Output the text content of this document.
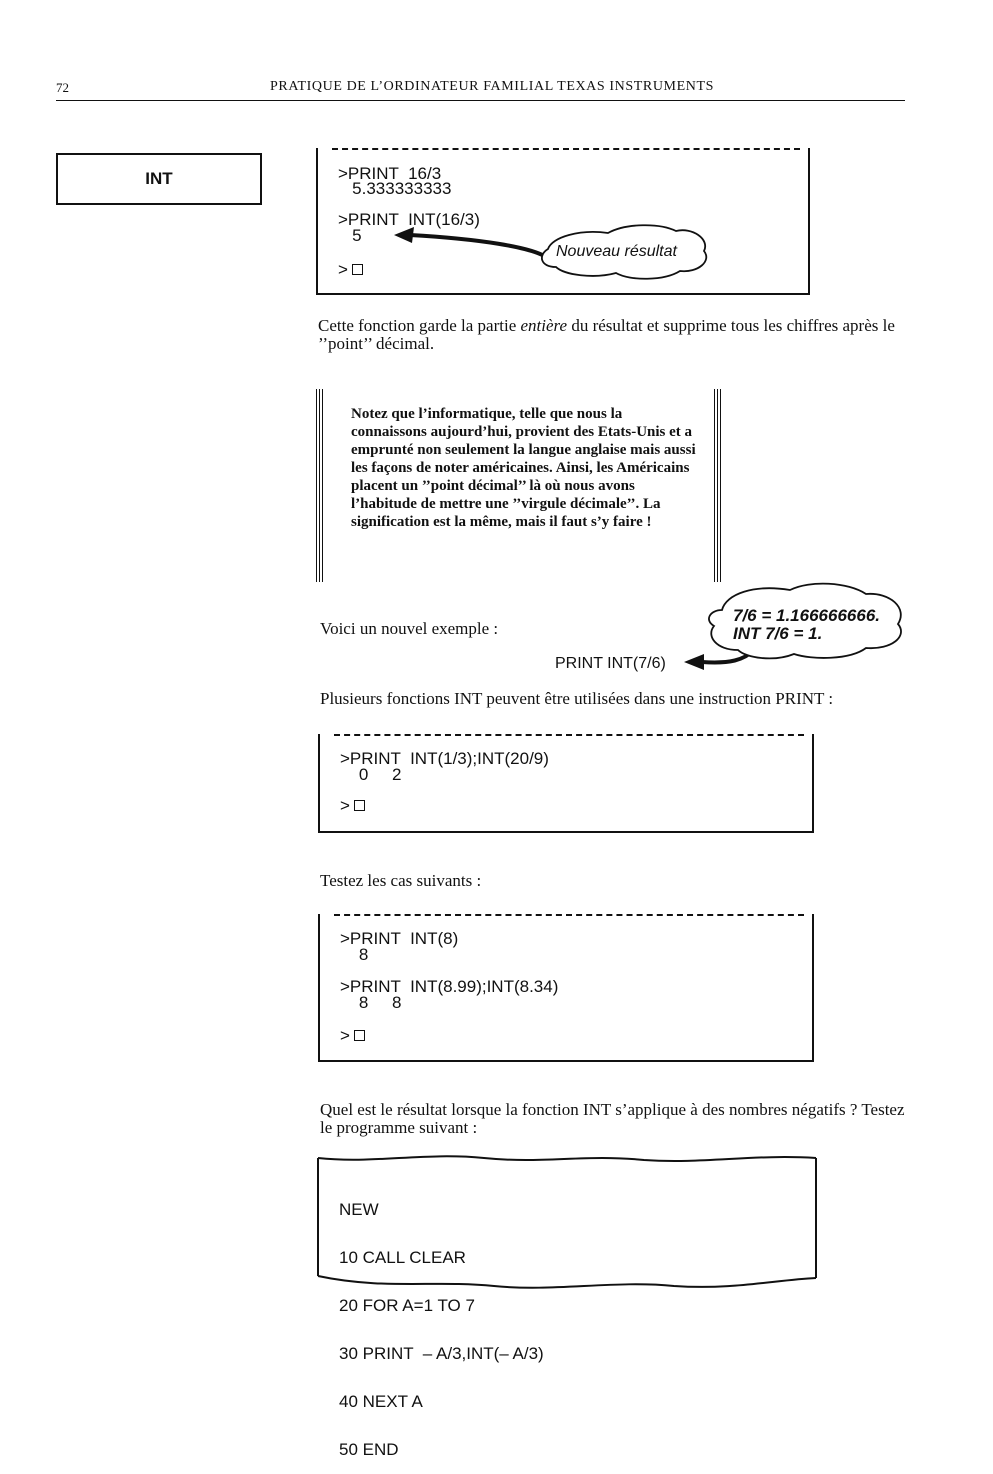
72	PRATIQUE DE L’ORDINATEUR FAMILIAL TEXAS INSTRUMENTS
INT	>PRINT  16/3
5.333333333
>PRINT  INT(16/3)
5
>
Nouveau résultat
Cette fonction garde la partie entière du résultat et supprime tous les chiffres après le ’’point’’ décimal.
Notez que l’informatique, telle que nous la connaissons aujourd’hui, provient des Etats-Unis et a emprunté non seulement la langue anglaise mais aussi les façons de noter américaines. Ainsi, les Américains placent un ’’point décimal’’ là où nous avons l’habitude de mettre une ’’virgule décimale’’. La signification est la même, mais il faut s’y faire !
Voici un nouvel exemple :
PRINT INT(7/6)
7/6 = 1.166666666.
INT 7/6 = 1.
Plusieurs fonctions INT peuvent être utilisées dans une instruction PRINT :
>PRINT  INT(1/3);INT(20/9)
0     2
>
Testez les cas suivants :
>PRINT  INT(8)
8
>PRINT  INT(8.99);INT(8.34)
8     8
>
Quel est le résultat lorsque la fonction INT s’applique à des nombres négatifs ? Testez le programme suivant :

NEW

10 CALL CLEAR

20 FOR A=1 TO 7

30 PRINT  – A/3,INT(– A/3)

40 NEXT A

50 END
